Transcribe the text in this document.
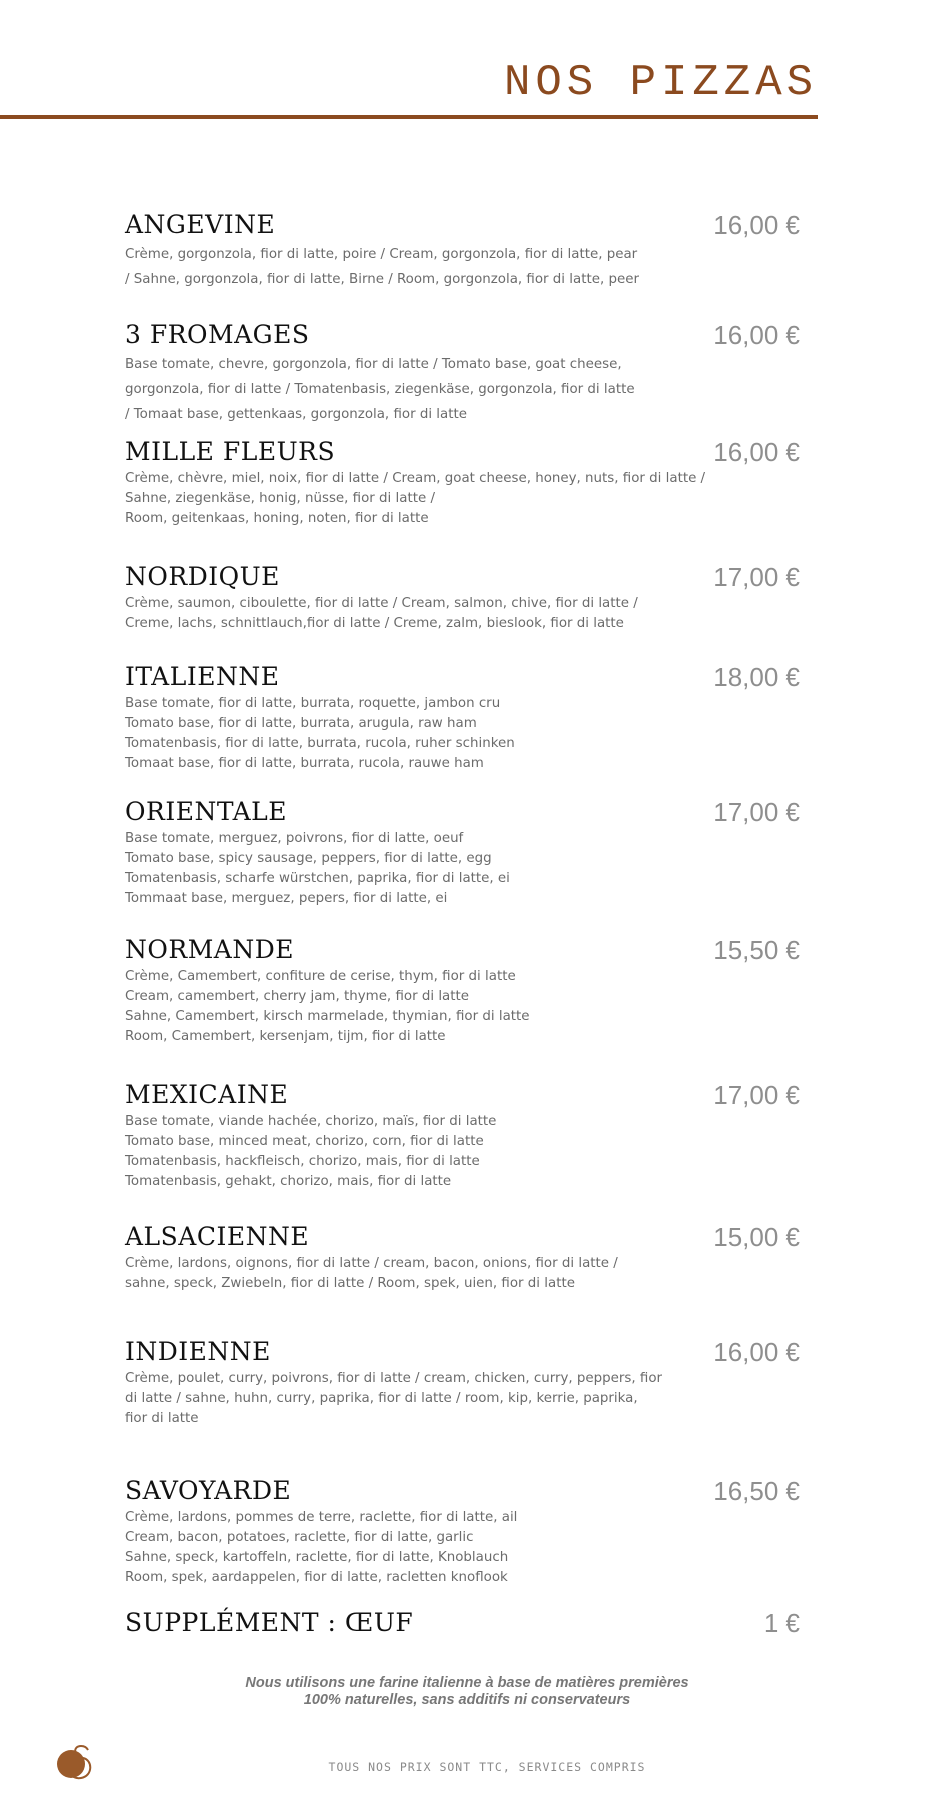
NOS PIZZAS
ANGEVINE	16,00 €
Crème, gorgonzola, fior di latte, poire / Cream, gorgonzola, fior di latte, pear
/ Sahne, gorgonzola, fior di latte, Birne / Room, gorgonzola, fior di latte, peer
3 FROMAGES	16,00 €
Base tomate, chevre, gorgonzola, fior di latte / Tomato base, goat cheese,
gorgonzola, fior di latte / Tomatenbasis, ziegenkäse, gorgonzola, fior di latte
/ Tomaat base, gettenkaas, gorgonzola, fior di latte
MILLE FLEURS	16,00 €
Crème, chèvre, miel, noix, fior di latte / Cream, goat cheese, honey, nuts, fior di latte /
Sahne, ziegenkäse, honig, nüsse, fior di latte /
Room, geitenkaas, honing, noten, fior di latte
NORDIQUE	17,00 €
Crème, saumon, ciboulette, fior di latte / Cream, salmon, chive, fior di latte /
Creme, lachs, schnittlauch,fior di latte / Creme, zalm, bieslook, fior di latte
ITALIENNE	18,00 €
Base tomate, fior di latte, burrata, roquette, jambon cru
Tomato base, fior di latte, burrata, arugula, raw ham
Tomatenbasis, fior di latte, burrata, rucola, ruher schinken
Tomaat base, fior di latte, burrata, rucola, rauwe ham
ORIENTALE	17,00 €
Base tomate, merguez, poivrons, fior di latte, oeuf
Tomato base, spicy sausage, peppers, fior di latte, egg
Tomatenbasis, scharfe würstchen, paprika, fior di latte, ei
Tommaat base, merguez, pepers, fior di latte, ei
NORMANDE	15,50 €
Crème, Camembert, confiture de cerise, thym, fior di latte
Cream, camembert, cherry jam, thyme, fior di latte
Sahne, Camembert, kirsch marmelade, thymian, fior di latte
Room, Camembert, kersenjam, tijm, fior di latte
MEXICAINE	17,00 €
Base tomate, viande hachée, chorizo, maïs, fior di latte
Tomato base, minced meat, chorizo, corn, fior di latte
Tomatenbasis, hackfleisch, chorizo, mais, fior di latte
Tomatenbasis, gehakt, chorizo, mais, fior di latte
ALSACIENNE	15,00 €
Crème, lardons, oignons, fior di latte / cream, bacon, onions, fior di latte /
sahne, speck, Zwiebeln, fior di latte / Room, spek, uien, fior di latte
INDIENNE	16,00 €
Crème, poulet, curry, poivrons, fior di latte / cream, chicken, curry, peppers, fior
di latte / sahne, huhn, curry, paprika, fior di latte / room, kip, kerrie, paprika,
fior di latte
SAVOYARDE	16,50 €
Crème, lardons, pommes de terre, raclette, fior di latte, ail
Cream, bacon, potatoes, raclette, fior di latte, garlic
Sahne, speck, kartoffeln, raclette, fior di latte, Knoblauch
Room, spek, aardappelen, fior di latte, racletten knoflook
SUPPLÉMENT : ŒUF	1 €
Nous utilisons une farine italienne à base de matières premières
100% naturelles, sans additifs ni conservateurs
TOUS NOS PRIX SONT TTC, SERVICES COMPRIS
